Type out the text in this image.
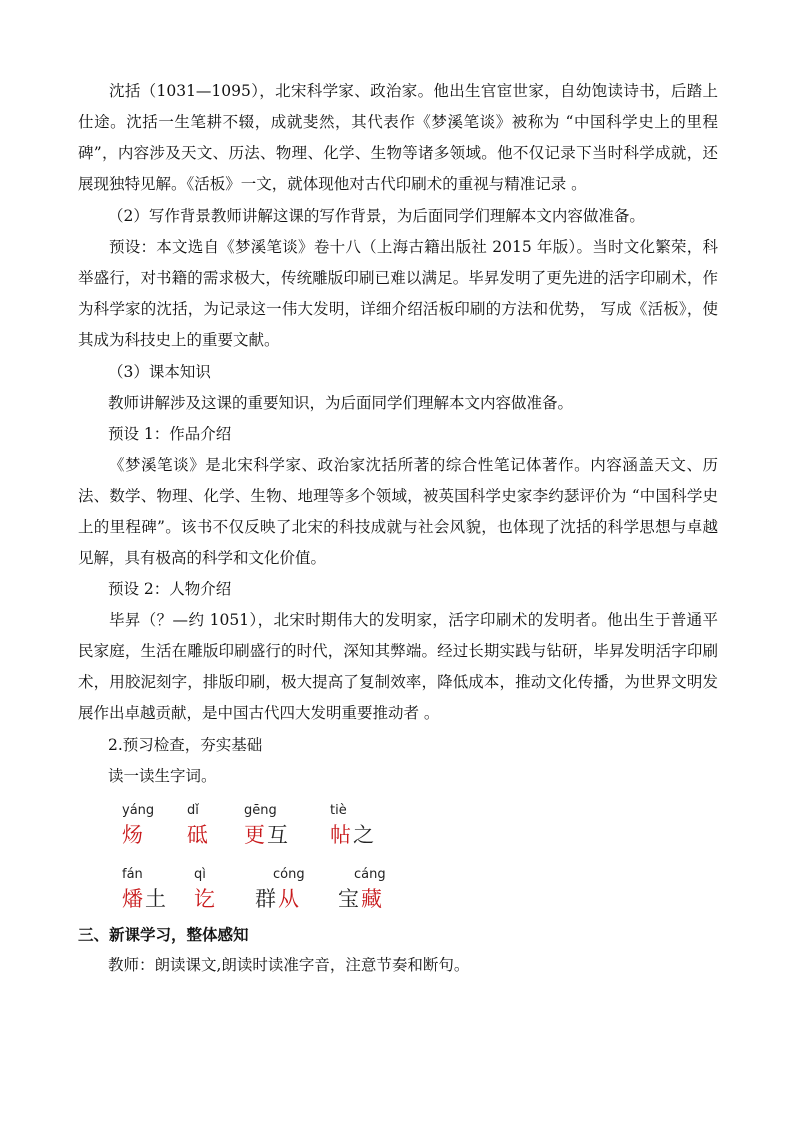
沈括（1031—1095），北宋科学家、政治家。他出生官宦世家，自幼饱读诗书，后踏上仕途。沈括一生笔耕不辍，成就斐然，其代表作《梦溪笔谈》被称为 “中国科学史上的里程碑”，内容涉及天文、历法、物理、化学、生物等诸多领域。他不仅记录下当时科学成就，还展现独特见解。《活板》一文，就体现他对古代印刷术的重视与精准记录 。

（2）写作背景教师讲解这课的写作背景，为后面同学们理解本文内容做准备。

预设：本文选自《梦溪笔谈》卷十八（上海古籍出版社 2015 年版）。当时文化繁荣，科举盛行，对书籍的需求极大，传统雕版印刷已难以满足。毕昇发明了更先进的活字印刷术，作为科学家的沈括，为记录这一伟大发明，详细介绍活板印刷的方法和优势， 写成《活板》，使其成为科技史上的重要文献。

（3）课本知识

教师讲解涉及这课的重要知识，为后面同学们理解本文内容做准备。

预设 1：作品介绍

《梦溪笔谈》是北宋科学家、政治家沈括所著的综合性笔记体著作。内容涵盖天文、历法、数学、物理、化学、生物、地理等多个领域，被英国科学史家李约瑟评价为 “中国科学史上的里程碑”。该书不仅反映了北宋的科技成就与社会风貌，也体现了沈括的科学思想与卓越见解，具有极高的科学和文化价值。

预设 2：人物介绍

毕昇（？—约 1051），北宋时期伟大的发明家，活字印刷术的发明者。他出生于普通平民家庭，生活在雕版印刷盛行的时代，深知其弊端。经过长期实践与钻研，毕昇发明活字印刷术，用胶泥刻字，排版印刷，极大提高了复制效率，降低成本，推动文化传播，为世界文明发展作出卓越贡献，是中国古代四大发明重要推动者 。

2.预习检查，夯实基础

读一读生字词。

yáng
炀
dǐ
砥
gēng
更互
tiè
帖之
fán
燔土
qì
讫
cóng
群从
cáng
宝藏

三、新课学习，整体感知

教师：朗读课文,朗读时读准字音，注意节奏和断句。
